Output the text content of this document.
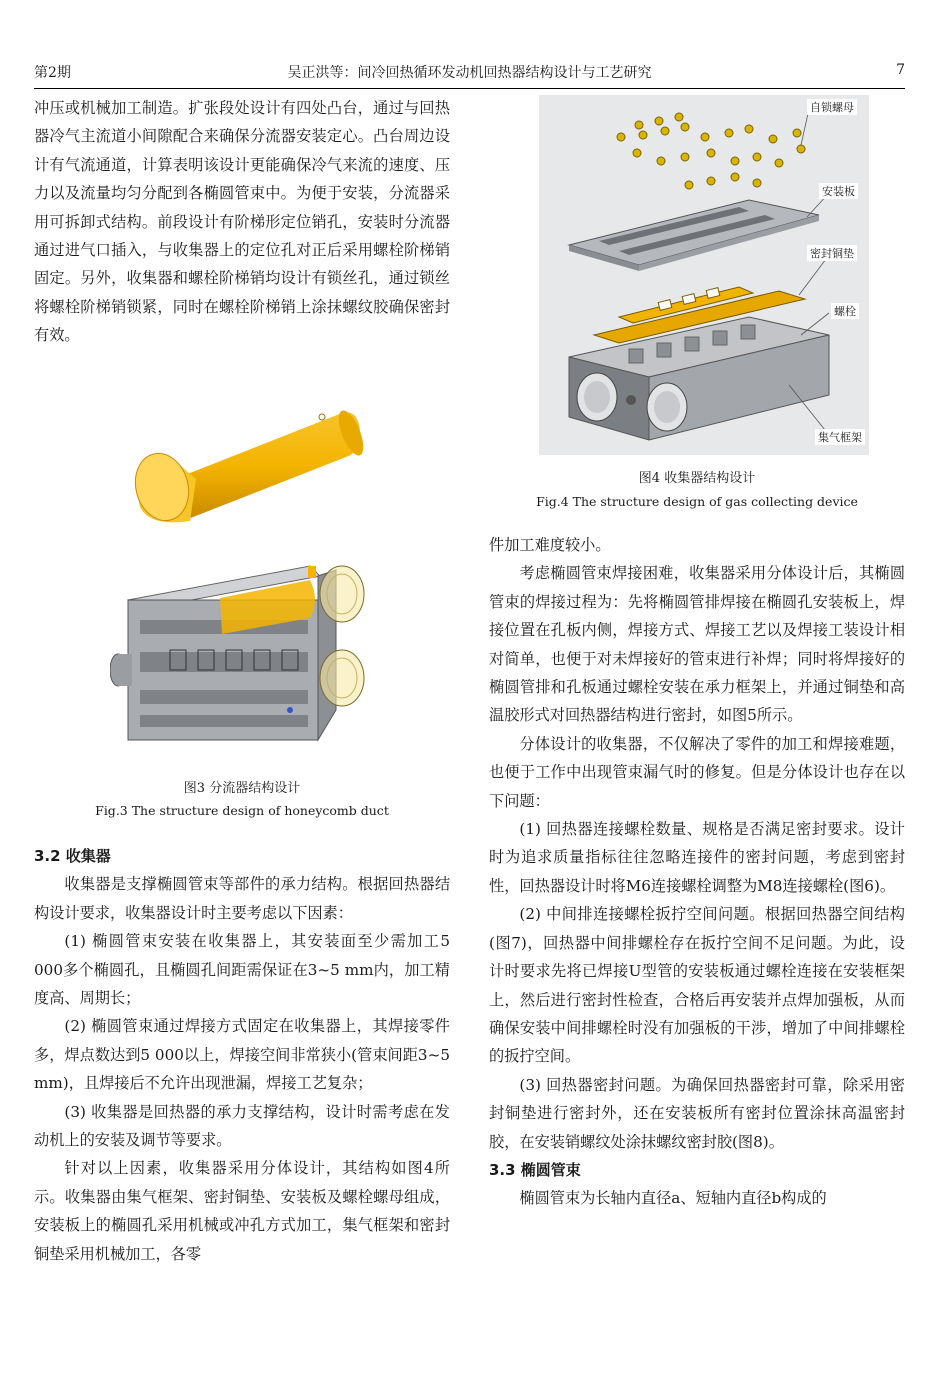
第2期	吴正洪等：间冷回热循环发动机回热器结构设计与工艺研究	7

冲压或机械加工制造。扩张段处设计有四处凸台，通过与回热器冷气主流道小间隙配合来确保分流器安装定心。凸台周边设计有气流通道，计算表明该设计更能确保冷气来流的速度、压力以及流量均匀分配到各椭圆管束中。为便于安装，分流器采用可拆卸式结构。前段设计有阶梯形定位销孔，安装时分流器通过进气口插入，与收集器上的定位孔对正后采用螺栓阶梯销固定。另外，收集器和螺栓阶梯销均设计有锁丝孔，通过锁丝将螺栓阶梯销锁紧，同时在螺栓阶梯销上涂抹螺纹胶确保密封有效。

图3 分流器结构设计
Fig.3 The structure design of honeycomb duct

3.2 收集器

收集器是支撑椭圆管束等部件的承力结构。根据回热器结构设计要求，收集器设计时主要考虑以下因素：

(1) 椭圆管束安装在收集器上，其安装面至少需加工5 000多个椭圆孔，且椭圆孔间距需保证在3~5 mm内，加工精度高、周期长；

(2) 椭圆管束通过焊接方式固定在收集器上，其焊接零件多，焊点数达到5 000以上，焊接空间非常狭小(管束间距3~5 mm)，且焊接后不允许出现泄漏，焊接工艺复杂；

(3) 收集器是回热器的承力支撑结构，设计时需考虑在发动机上的安装及调节等要求。

针对以上因素，收集器采用分体设计，其结构如图4所示。收集器由集气框架、密封铜垫、安装板及螺栓螺母组成，安装板上的椭圆孔采用机械或冲孔方式加工，集气框架和密封铜垫采用机械加工，各零

自锁螺母
安装板
密封铜垫
螺栓
集气框架
图4 收集器结构设计
Fig.4 The structure design of gas collecting device

件加工难度较小。

考虑椭圆管束焊接困难，收集器采用分体设计后，其椭圆管束的焊接过程为：先将椭圆管排焊接在椭圆孔安装板上，焊接位置在孔板内侧，焊接方式、焊接工艺以及焊接工装设计相对简单，也便于对未焊接好的管束进行补焊；同时将焊接好的椭圆管排和孔板通过螺栓安装在承力框架上，并通过铜垫和高温胶形式对回热器结构进行密封，如图5所示。

分体设计的收集器，不仅解决了零件的加工和焊接难题，也便于工作中出现管束漏气时的修复。但是分体设计也存在以下问题：

(1) 回热器连接螺栓数量、规格是否满足密封要求。设计时为追求质量指标往往忽略连接件的密封问题，考虑到密封性，回热器设计时将M6连接螺栓调整为M8连接螺栓(图6)。

(2) 中间排连接螺栓扳拧空间问题。根据回热器空间结构(图7)，回热器中间排螺栓存在扳拧空间不足问题。为此，设计时要求先将已焊接U型管的安装板通过螺栓连接在安装框架上，然后进行密封性检查，合格后再安装并点焊加强板，从而确保安装中间排螺栓时没有加强板的干涉，增加了中间排螺栓的扳拧空间。

(3) 回热器密封问题。为确保回热器密封可靠，除采用密封铜垫进行密封外，还在安装板所有密封位置涂抹高温密封胶，在安装销螺纹处涂抹螺纹密封胶(图8)。

3.3 椭圆管束

椭圆管束为长轴内直径a、短轴内直径b构成的
